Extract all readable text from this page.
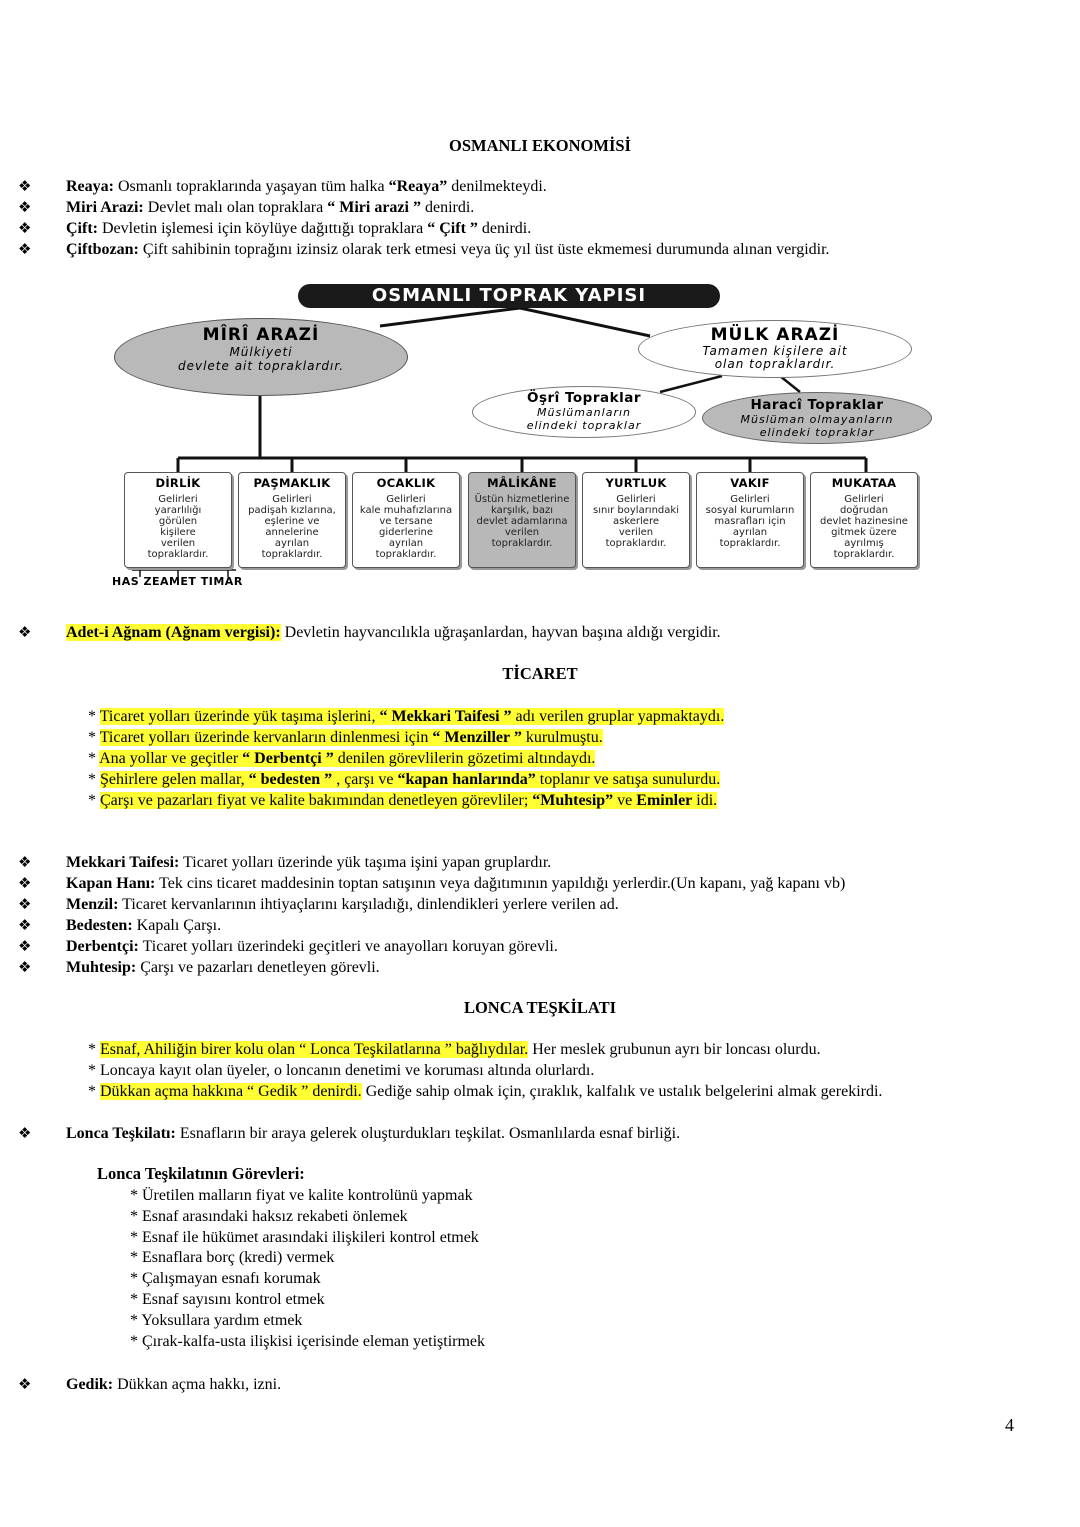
OSMANLI EKONOMİSİ
❖ Reaya: Osmanlı topraklarında yaşayan tüm halka “Reaya” denilmekteydi.
❖ Miri Arazi: Devlet malı olan topraklara “ Miri arazi ” denirdi.
❖ Çift: Devletin işlemesi için köylüye dağıttığı topraklara “ Çift ” denirdi.
❖ Çiftbozan: Çift sahibinin toprağını izinsiz olarak terk etmesi veya üç yıl üst üste ekmemesi durumunda alınan vergidir.
OSMANLI TOPRAK YAPISI
MÎRÎ ARAZİ
Mülkiyeti
devlete ait topraklardır.
MÜLK ARAZİ
Tamamen kişilere ait
olan topraklardır.
Öşrî Topraklar
Müslümanların
elindeki topraklar
Haracî Topraklar
Müslüman olmayanların
elindeki topraklar
DİRLİK
Gelirleri
yararlılığı
görülen
kişilere
verilen
topraklardır.
PAŞMAKLIK
Gelirleri
padişah kızlarına,
eşlerine ve
annelerine
ayrılan
topraklardır.
OCAKLIK
Gelirleri
kale muhafızlarına
ve tersane
giderlerine
ayrılan
topraklardır.
MÂLİKÂNE
Üstün hizmetlerine
karşılık, bazı
devlet adamlarına
verilen
topraklardır.
YURTLUK
Gelirleri
sınır boylarındaki
askerlere
verilen
topraklardır.
VAKIF
Gelirleri
sosyal kurumların
masrafları için
ayrılan
topraklardır.
MUKATAA
Gelirleri
doğrudan
devlet hazinesine
gitmek üzere
ayrılmış
topraklardır.
HAS ZEAMET TIMAR
❖ Adet-i Ağnam (Ağnam vergisi): Devletin hayvancılıkla uğraşanlardan, hayvan başına aldığı vergidir.
TİCARET
* Ticaret yolları üzerinde yük taşıma işlerini, “ Mekkari Taifesi ” adı verilen gruplar yapmaktaydı.
* Ticaret yolları üzerinde kervanların dinlenmesi için “ Menziller ” kurulmuştu.
* Ana yollar ve geçitler “ Derbentçi ” denilen görevlilerin gözetimi altındaydı.
* Şehirlere gelen mallar, “ bedesten ” , çarşı ve “kapan hanlarında” toplanır ve satışa sunulurdu.
* Çarşı ve pazarları fiyat ve kalite bakımından denetleyen görevliler; “Muhtesip” ve Eminler idi.
❖ Mekkari Taifesi: Ticaret yolları üzerinde yük taşıma işini yapan gruplardır.
❖ Kapan Hanı: Tek cins ticaret maddesinin toptan satışının veya dağıtımının yapıldığı yerlerdir.(Un kapanı, yağ kapanı vb)
❖ Menzil: Ticaret kervanlarının ihtiyaçlarını karşıladığı, dinlendikleri yerlere verilen ad.
❖ Bedesten: Kapalı Çarşı.
❖ Derbentçi: Ticaret yolları üzerindeki geçitleri ve anayolları koruyan görevli.
❖ Muhtesip: Çarşı ve pazarları denetleyen görevli.
LONCA TEŞKİLATI
* Esnaf, Ahiliğin birer kolu olan “ Lonca Teşkilatlarına ” bağlıydılar. Her meslek grubunun ayrı bir loncası olurdu.
* Loncaya kayıt olan üyeler, o loncanın denetimi ve koruması altında olurlardı.
* Dükkan açma hakkına “ Gedik ” denirdi. Gediğe sahip olmak için, çıraklık, kalfalık ve ustalık belgelerini almak gerekirdi.
❖ Lonca Teşkilatı: Esnafların bir araya gelerek oluşturdukları teşkilat. Osmanlılarda esnaf birliği.
Lonca Teşkilatının Görevleri:
* Üretilen malların fiyat ve kalite kontrolünü yapmak
* Esnaf arasındaki haksız rekabeti önlemek
* Esnaf ile hükümet arasındaki ilişkileri kontrol etmek
* Esnaflara borç (kredi) vermek
* Çalışmayan esnafı korumak
* Esnaf sayısını kontrol etmek
* Yoksullara yardım etmek
* Çırak-kalfa-usta ilişkisi içerisinde eleman yetiştirmek
❖ Gedik: Dükkan açma hakkı, izni.
4
